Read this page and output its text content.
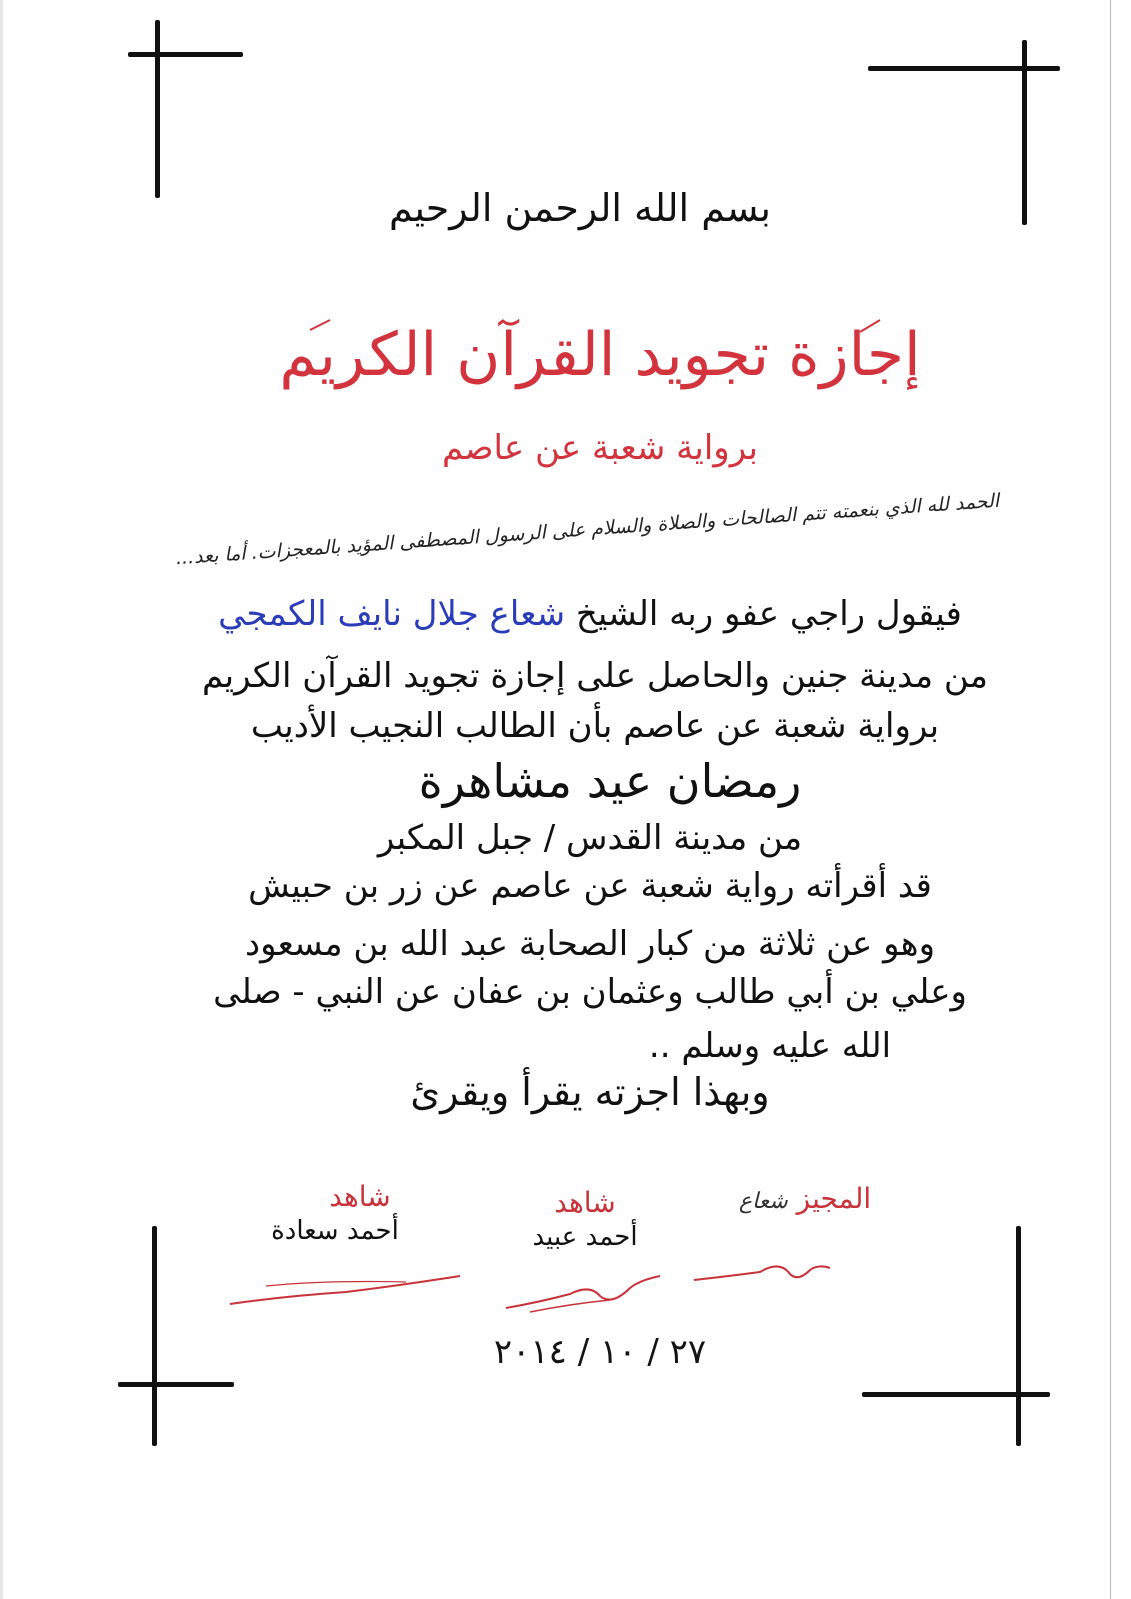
بسم الله الرحمن الرحيم
إجازة تجويد القرآن الكريم
برواية شعبة عن عاصم
الحمد لله الذي بنعمته تتم الصالحات والصلاة والسلام على الرسول المصطفى المؤيد بالمعجزات. أما بعد...
فيقول راجي عفو ربه الشيخ شعاع جلال نايف الكمجي
من مدينة جنين والحاصل على إجازة تجويد القرآن الكريم
برواية شعبة عن عاصم بأن الطالب النجيب الأديب
رمضان عيد مشاهرة
من مدينة القدس / جبل المكبر
قد أقرأته رواية شعبة عن عاصم عن زر بن حبيش
وهو عن ثلاثة من كبار الصحابة عبد الله بن مسعود
وعلي بن أبي طالب وعثمان بن عفان عن النبي - صلى
الله عليه وسلم ..
وبهذا اجزته يقرأ ويقرئ
المجيز شعاع
شاهد
شاهد
أحمد عبيد
أحمد سعادة
٢٧ / ١٠ / ٢٠١٤
